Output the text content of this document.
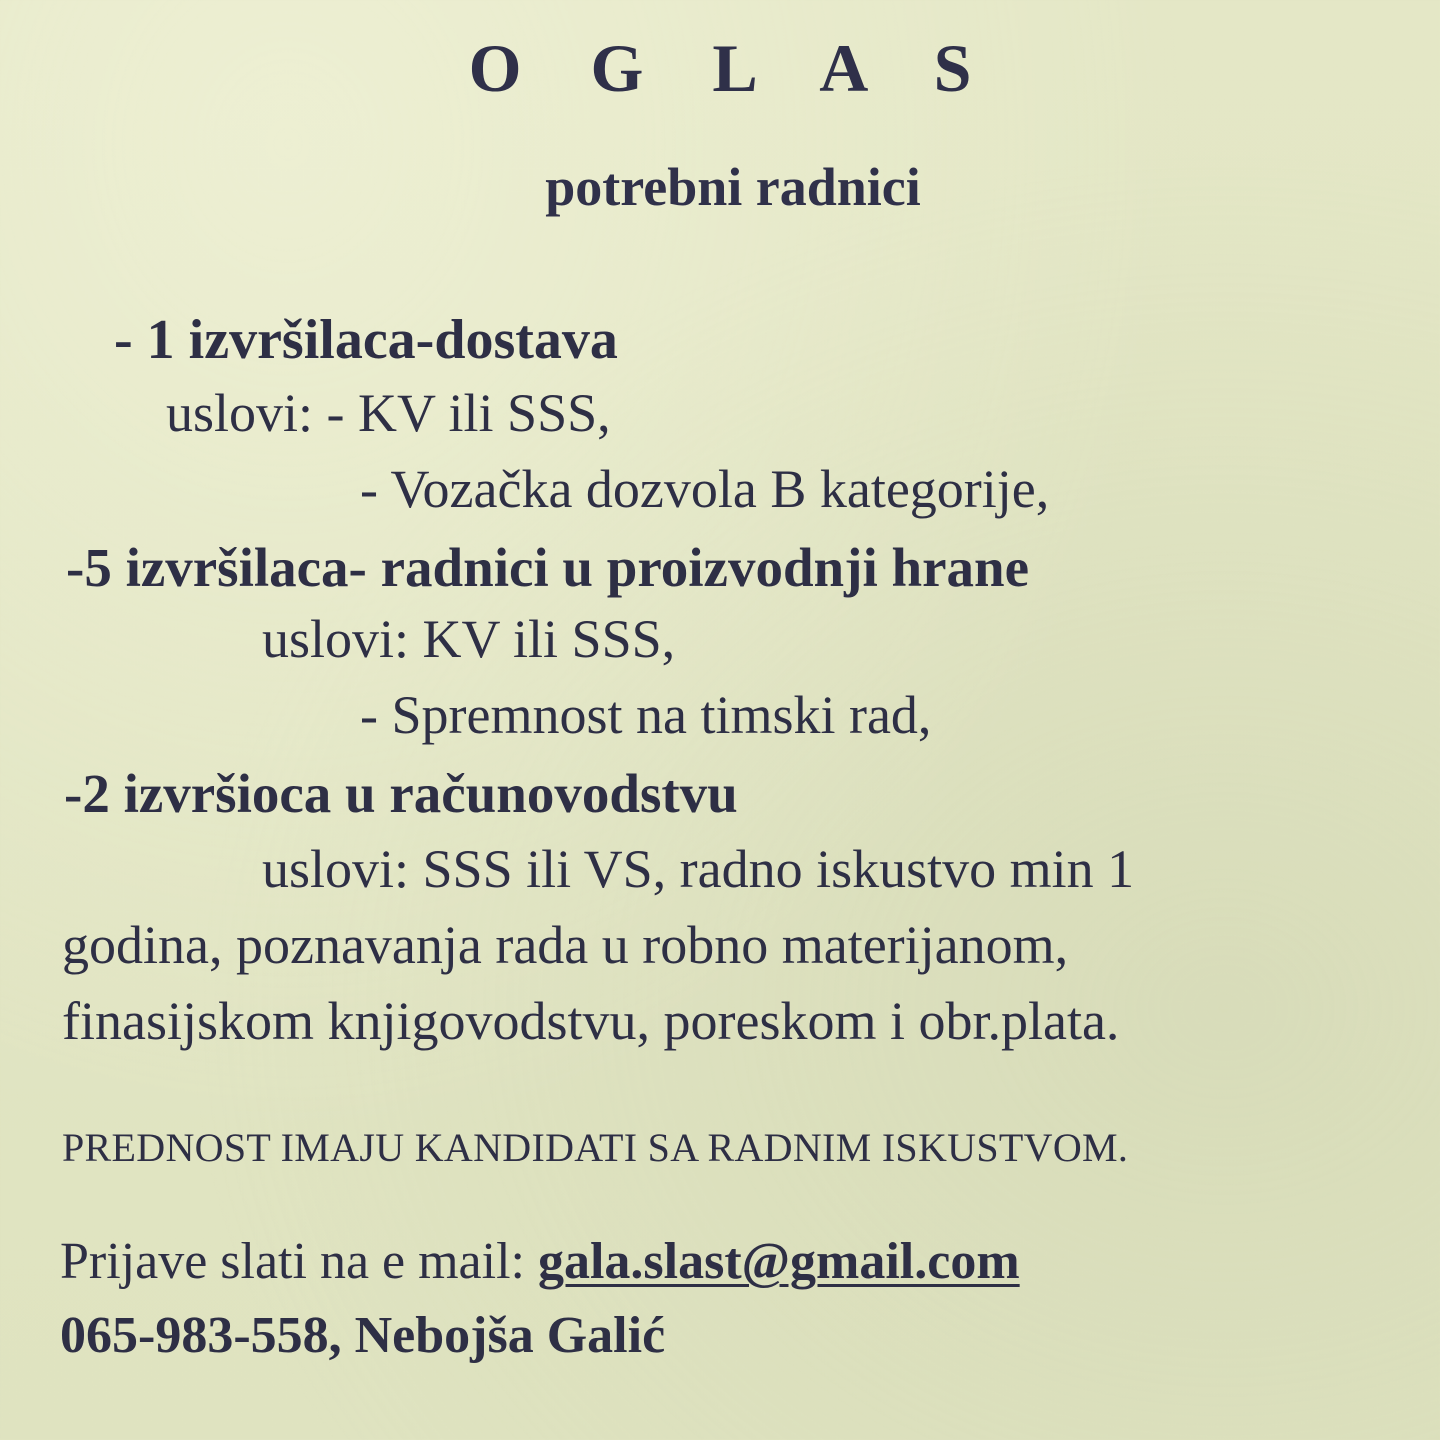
O G L A S
potrebni radnici
- 1 izvršilaca-dostava
uslovi: - KV ili SSS,
- Vozačka dozvola B kategorije,
-5 izvršilaca- radnici u proizvodnji hrane
uslovi: KV ili SSS,
- Spremnost na timski rad,
-2 izvršioca u računovodstvu
uslovi: SSS ili VS, radno iskustvo min 1
godina, poznavanja rada u robno materijanom,
finasijskom knjigovodstvu, poreskom i obr.plata.
PREDNOST IMAJU KANDIDATI SA RADNIM ISKUSTVOM.
Prijave slati na e mail: gala.slast@gmail.com
065-983-558, Nebojša Galić
